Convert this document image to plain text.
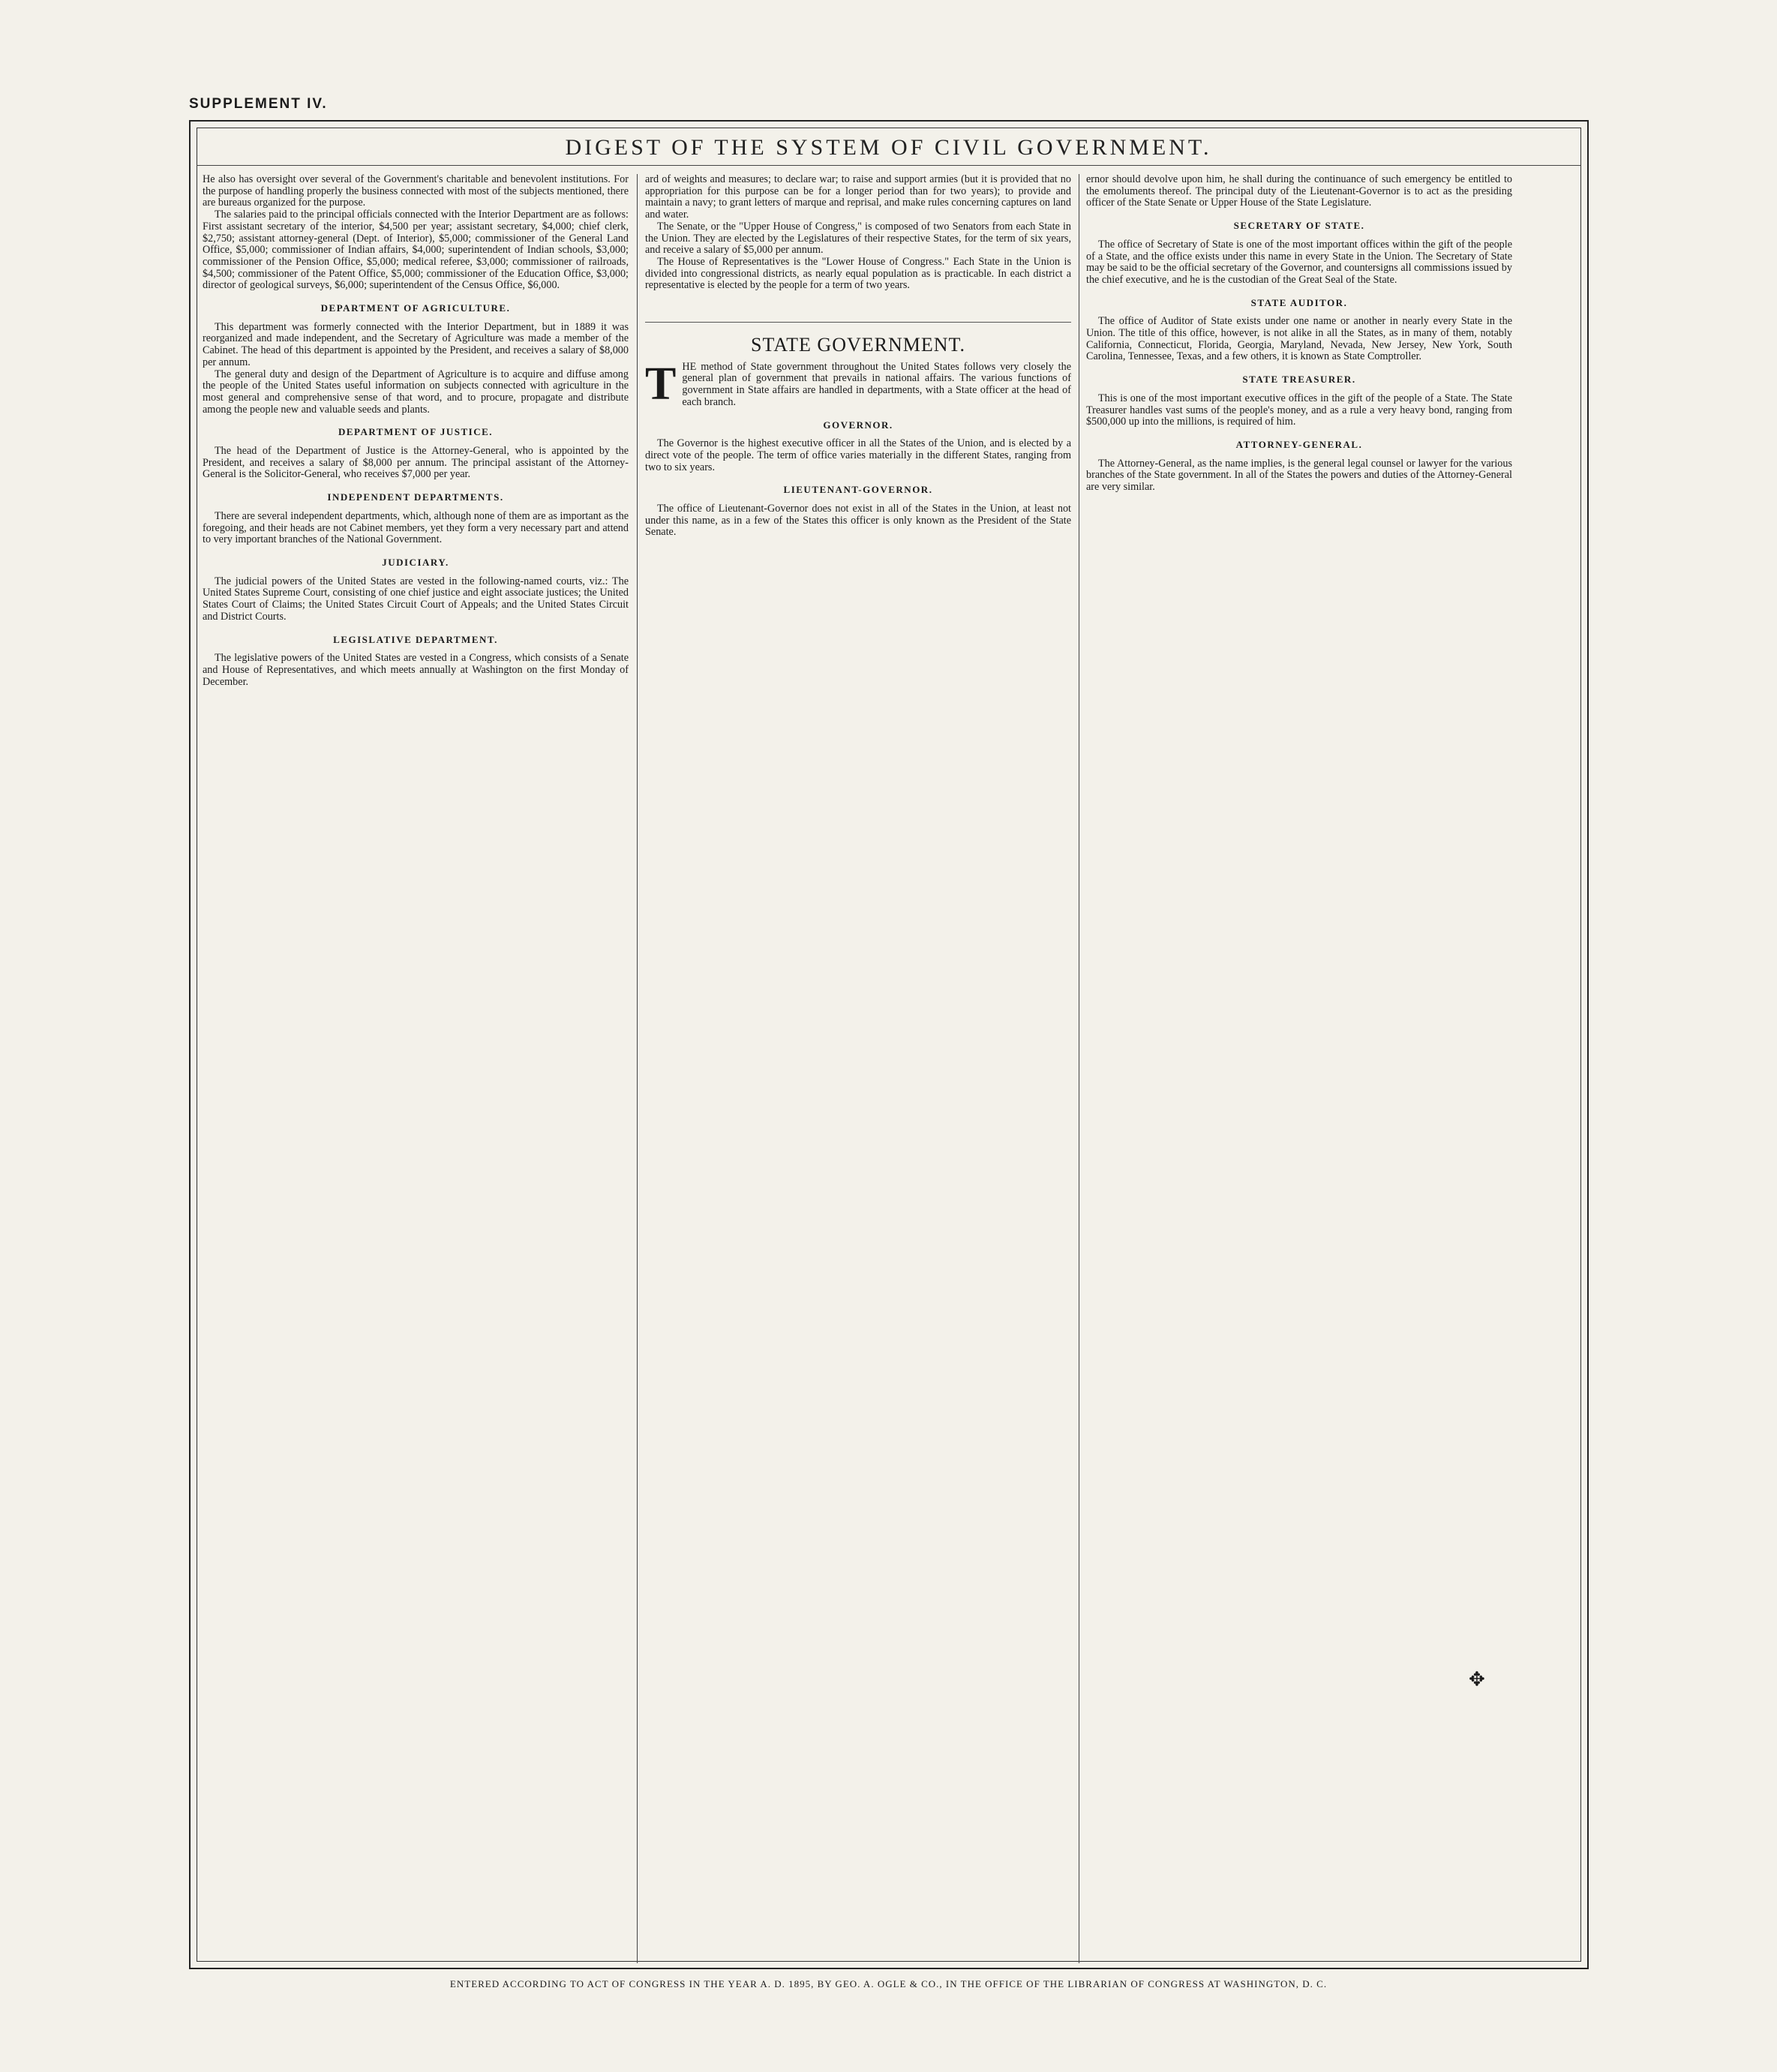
SUPPLEMENT IV.
DIGEST OF THE SYSTEM OF CIVIL GOVERNMENT.

He also has oversight over several of the Government's charitable and benevolent institutions. For the purpose of handling properly the business connected with most of the subjects mentioned, there are bureaus organized for the purpose.

The salaries paid to the principal officials connected with the Interior Department are as follows: First assistant secretary of the interior, $4,500 per year; assistant secretary, $4,000; chief clerk, $2,750; assistant attorney-general (Dept. of Interior), $5,000; commissioner of the General Land Office, $5,000; commissioner of Indian affairs, $4,000; superintendent of Indian schools, $3,000; commissioner of the Pension Office, $5,000; medical referee, $3,000; commissioner of railroads, $4,500; commissioner of the Patent Office, $5,000; commissioner of the Education Office, $3,000; director of geological surveys, $6,000; superintendent of the Census Office, $6,000.

DEPARTMENT OF AGRICULTURE.

This department was formerly connected with the Interior Department, but in 1889 it was reorganized and made independent, and the Secretary of Agriculture was made a member of the Cabinet. The head of this department is appointed by the President, and receives a salary of $8,000 per annum.

The general duty and design of the Department of Agriculture is to acquire and diffuse among the people of the United States useful information on subjects connected with agriculture in the most general and comprehensive sense of that word, and to procure, propagate and distribute among the people new and valuable seeds and plants.

DEPARTMENT OF JUSTICE.

The head of the Department of Justice is the Attorney-General, who is appointed by the President, and receives a salary of $8,000 per annum. The principal assistant of the Attorney-General is the Solicitor-General, who receives $7,000 per year.

INDEPENDENT DEPARTMENTS.

There are several independent departments, which, although none of them are as important as the foregoing, and their heads are not Cabinet members, yet they form a very necessary part and attend to very important branches of the National Government.

JUDICIARY.

The judicial powers of the United States are vested in the following-named courts, viz.: The United States Supreme Court, consisting of one chief justice and eight associate justices; the United States Court of Claims; the United States Circuit Court of Appeals; and the United States Circuit and District Courts.

LEGISLATIVE DEPARTMENT.

The legislative powers of the United States are vested in a Congress, which consists of a Senate and House of Representatives, and which meets annually at Washington on the first Monday of December.

ard of weights and measures; to declare war; to raise and support armies (but it is provided that no appropriation for this purpose can be for a longer period than for two years); to provide and maintain a navy; to grant letters of marque and reprisal, and make rules concerning captures on land and water.

The Senate, or the "Upper House of Congress," is composed of two Senators from each State in the Union. They are elected by the Legislatures of their respective States, for the term of six years, and receive a salary of $5,000 per annum.

The House of Representatives is the "Lower House of Congress." Each State in the Union is divided into congressional districts, as nearly equal population as is practicable. In each district a representative is elected by the people for a term of two years.

STATE GOVERNMENT.

THE method of State government throughout the United States follows very closely the general plan of government that prevails in national affairs. The various functions of government in State affairs are handled in departments, with a State officer at the head of each branch.

GOVERNOR.

The Governor is the highest executive officer in all the States of the Union, and is elected by a direct vote of the people. The term of office varies materially in the different States, ranging from two to six years.

LIEUTENANT-GOVERNOR.

The office of Lieutenant-Governor does not exist in all of the States in the Union, at least not under this name, as in a few of the States this officer is only known as the President of the State Senate.

ernor should devolve upon him, he shall during the continuance of such emergency be entitled to the emoluments thereof. The principal duty of the Lieutenant-Governor is to act as the presiding officer of the State Senate or Upper House of the State Legislature.

SECRETARY OF STATE.

The office of Secretary of State is one of the most important offices within the gift of the people of a State, and the office exists under this name in every State in the Union. The Secretary of State may be said to be the official secretary of the Governor, and countersigns all commissions issued by the chief executive, and he is the custodian of the Great Seal of the State.

STATE AUDITOR.

The office of Auditor of State exists under one name or another in nearly every State in the Union. The title of this office, however, is not alike in all the States, as in many of them, notably California, Connecticut, Florida, Georgia, Maryland, Nevada, New Jersey, New York, South Carolina, Tennessee, Texas, and a few others, it is known as State Comptroller.

STATE TREASURER.

This is one of the most important executive offices in the gift of the people of a State. The State Treasurer handles vast sums of the people's money, and as a rule a very heavy bond, ranging from $500,000 up into the millions, is required of him.

ATTORNEY-GENERAL.

The Attorney-General, as the name implies, is the general legal counsel or lawyer for the various branches of the State government. In all of the States the powers and duties of the Attorney-General are very similar.

✥
ENTERED ACCORDING TO ACT OF CONGRESS IN THE YEAR A. D. 1895, BY GEO. A. OGLE & CO., IN THE OFFICE OF THE LIBRARIAN OF CONGRESS AT WASHINGTON, D. C.
